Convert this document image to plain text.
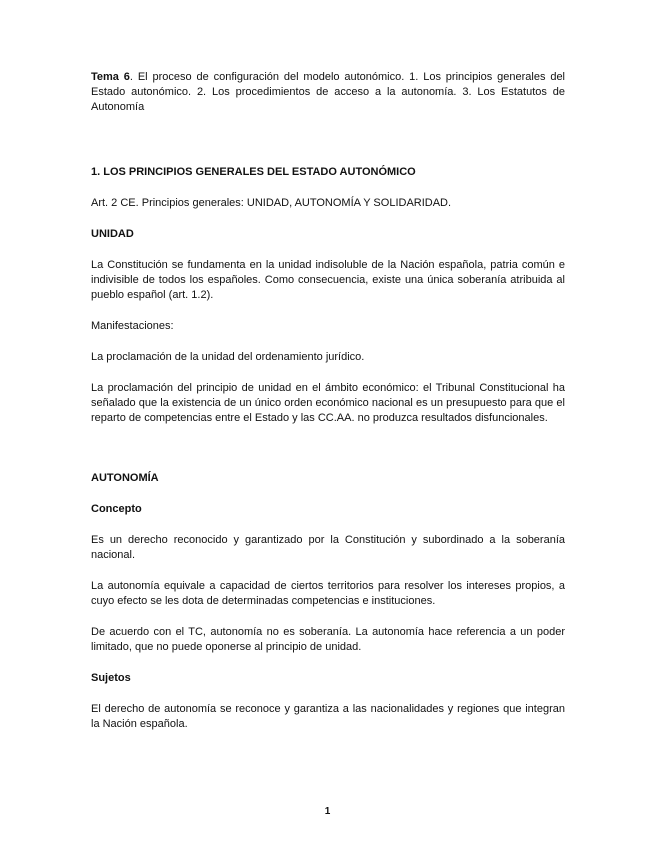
Tema 6. El proceso de configuración del modelo autonómico. 1. Los principios generales del Estado autonómico. 2. Los procedimientos de acceso a la autonomía. 3. Los Estatutos de Autonomía

1. LOS PRINCIPIOS GENERALES DEL ESTADO AUTONÓMICO

Art. 2 CE. Principios generales: UNIDAD, AUTONOMÍA Y SOLIDARIDAD.

UNIDAD

La Constitución se fundamenta en la unidad indisoluble de la Nación española, patria común e indivisible de todos los españoles. Como consecuencia, existe una única soberanía atribuida al pueblo español (art. 1.2).

Manifestaciones:

La proclamación de la unidad del ordenamiento jurídico.

La proclamación del principio de unidad en el ámbito económico: el Tribunal Constitucional ha señalado que la existencia de un único orden económico nacional es un presupuesto para que el reparto de competencias entre el Estado y las CC.AA. no produzca resultados disfuncionales.

AUTONOMÍA

Concepto

Es un derecho reconocido y garantizado por la Constitución y subordinado a la soberanía nacional.

La autonomía equivale a capacidad de ciertos territorios para resolver los intereses propios, a cuyo efecto se les dota de determinadas competencias e instituciones.

De acuerdo con el TC, autonomía no es soberanía. La autonomía hace referencia a un poder limitado, que no puede oponerse al principio de unidad.

Sujetos

El derecho de autonomía se reconoce y garantiza a las nacionalidades y regiones que integran la Nación española.

1
